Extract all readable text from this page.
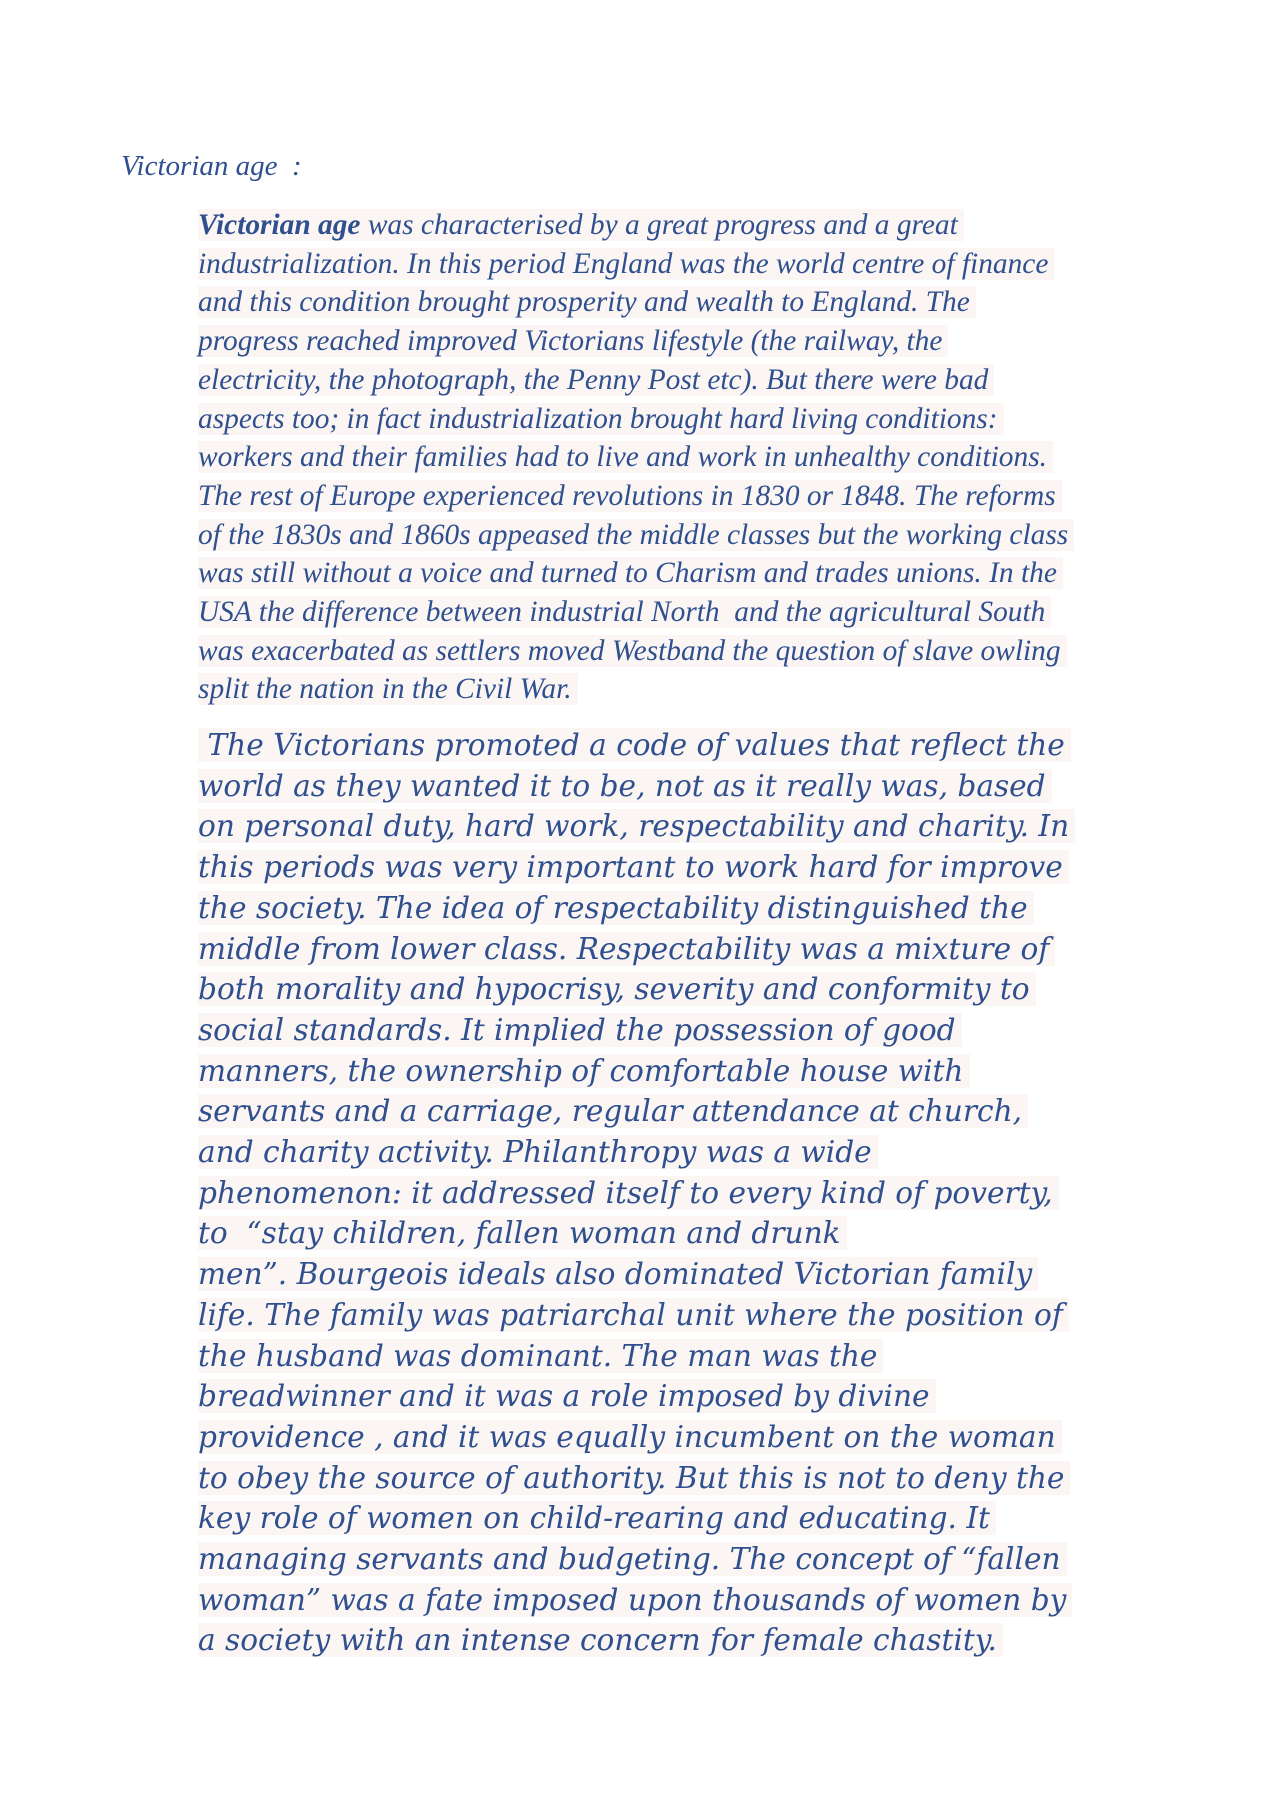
Victorian age  :

Victorian age was characterised by a great progress and a great
industrialization. In this period England was the world centre of finance
and this condition brought prosperity and wealth to England. The
progress reached improved Victorians lifestyle (the railway, the
electricity, the photograph, the Penny Post etc). But there were bad
aspects too; in fact industrialization brought hard living conditions:
workers and their families had to live and work in unhealthy conditions.
The rest of Europe experienced revolutions in 1830 or 1848. The reforms
of the 1830s and 1860s appeased the middle classes but the working class
was still without a voice and turned to Charism and trades unions. In the
USA the difference between industrial North  and the agricultural South
was exacerbated as settlers moved Westband the question of slave owling
split the nation in the Civil War.
The Victorians promoted a code of values that reflect the
world as they wanted it to be, not as it really was, based
on personal duty, hard work, respectability and charity. In
this periods was very important to work hard for improve
the society. The idea of respectability distinguished the
middle from lower class. Respectability was a mixture of
both morality and hypocrisy, severity and conformity to
social standards. It implied the possession of good
manners, the ownership of comfortable house with
servants and a carriage, regular attendance at church,
and charity activity. Philanthropy was a wide
phenomenon: it addressed itself to every kind of poverty,
to  “stay children, fallen woman and drunk
men”. Bourgeois ideals also dominated Victorian family
life. The family was patriarchal unit where the position of
the husband was dominant. The man was the
breadwinner and it was a role imposed by divine
providence , and it was equally incumbent on the woman
to obey the source of authority. But this is not to deny the
key role of women on child-rearing and educating. It
managing servants and budgeting. The concept of “fallen
woman” was a fate imposed upon thousands of women by
a society with an intense concern for female chastity.
